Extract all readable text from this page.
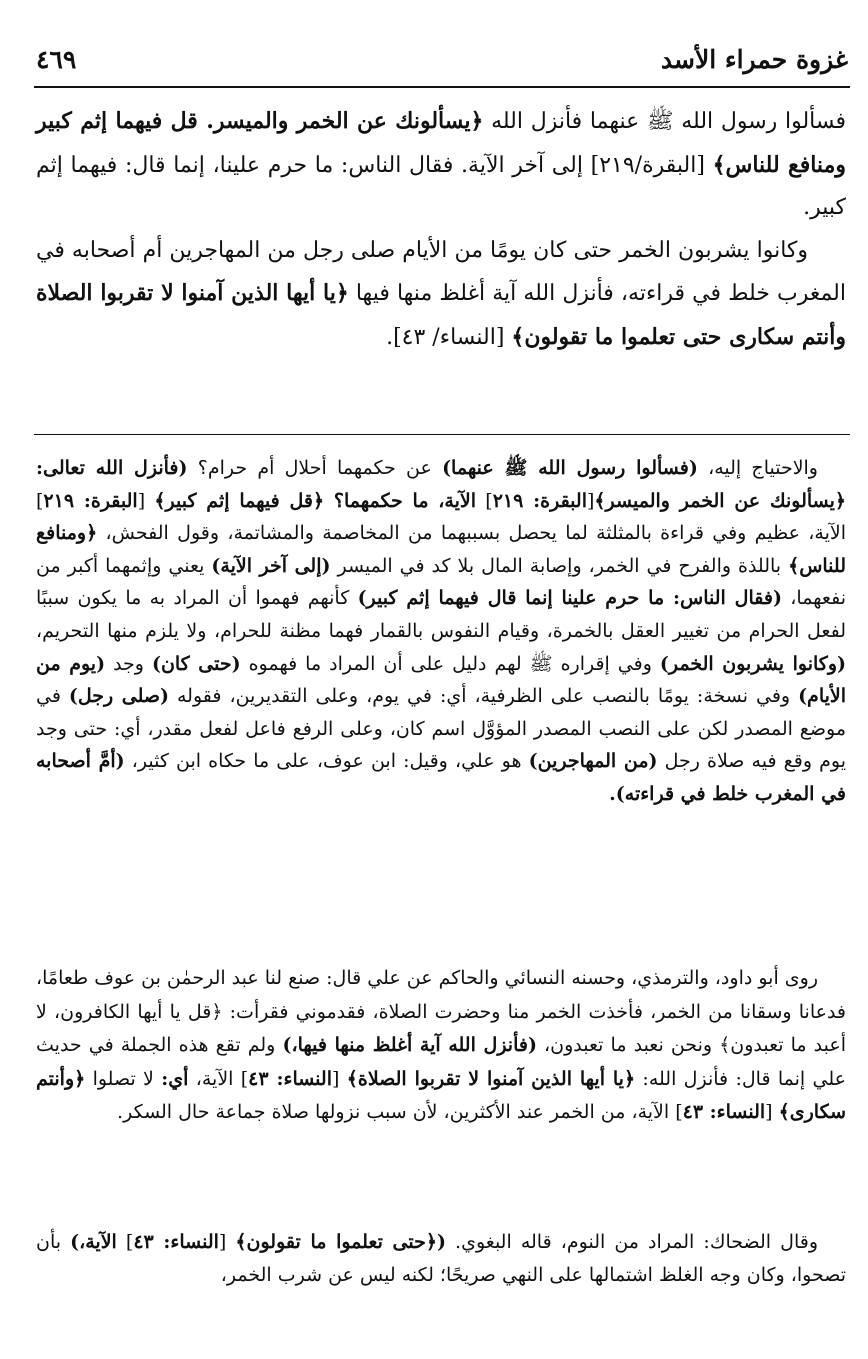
غزوة حمراء الأسد
٤٦٩

فسألوا رسول الله ﷺ عنهما فأنزل الله ﴿يسألونك عن الخمر والميسر. قل فيهما إثم كبير ومنافع للناس﴾ [البقرة/٢١٩] إلى آخر الآية. فقال الناس: ما حرم علينا، إنما قال: فيهما إثم كبير.

وكانوا يشربون الخمر حتى كان يومًا من الأيام صلى رجل من المهاجرين أم أصحابه في المغرب خلط في قراءته، فأنزل الله آية أغلظ منها فيها ﴿يا أيها الذين آمنوا لا تقربوا الصلاة وأنتم سكارى حتى تعلموا ما تقولون﴾ [النساء/ ٤٣].

والاحتياج إليه، (فسألوا رسول الله ﷺ عنهما) عن حكمهما أحلال أم حرام؟ (فأنزل الله تعالى: ﴿يسألونك عن الخمر والميسر﴾[البقرة: ٢١٩] الآية، ما حكمهما؟ ﴿قل فيهما إثم كبير﴾ [البقرة: ٢١٩] الآية، عظيم وفي قراءة بالمثلثة لما يحصل بسببهما من المخاصمة والمشاتمة، وقول الفحش، ﴿ومنافع للناس﴾ باللذة والفرح في الخمر، وإصابة المال بلا كد في الميسر (إلى آخر الآية) يعني وإثمهما أكبر من نفعهما، (فقال الناس: ما حرم علينا إنما قال فيهما إثم كبير) كأنهم فهموا أن المراد به ما يكون سببًا لفعل الحرام من تغيير العقل بالخمرة، وقيام النفوس بالقمار فهما مظنة للحرام، ولا يلزم منها التحريم، (وكانوا يشربون الخمر) وفي إقراره ﷺ لهم دليل على أن المراد ما فهموه (حتى كان) وجد (يوم من الأيام) وفي نسخة: يومًا بالنصب على الظرفية، أي: في يوم، وعلى التقديرين، فقوله (صلى رجل) في موضع المصدر لكن على النصب المصدر المؤوَّل اسم كان، وعلى الرفع فاعل لفعل مقدر، أي: حتى وجد يوم وقع فيه صلاة رجل (من المهاجرين) هو علي، وقيل: ابن عوف، على ما حكاه ابن كثير، (أمَّ أصحابه في المغرب خلط في قراءته).

روى أبو داود، والترمذي، وحسنه النسائي والحاكم عن علي قال: صنع لنا عبد الرحمٰن بن عوف طعامًا، فدعانا وسقانا من الخمر، فأخذت الخمر منا وحضرت الصلاة، فقدموني فقرأت: ﴿قل يا أيها الكافرون، لا أعبد ما تعبدون﴾ ونحن نعبد ما تعبدون، (فأنزل الله آية أغلظ منها فيها،) ولم تقع هذه الجملة في حديث علي إنما قال: فأنزل الله: ﴿يا أيها الذين آمنوا لا تقربوا الصلاة﴾ [النساء: ٤٣] الآية، أي: لا تصلوا ﴿وأنتم سكارى﴾ [النساء: ٤٣] الآية، من الخمر عند الأكثرين، لأن سبب نزولها صلاة جماعة حال السكر.

وقال الضحاك: المراد من النوم، قاله البغوي. (﴿حتى تعلموا ما تقولون﴾ [النساء: ٤٣] الآية،) بأن تصحوا، وكان وجه الغلظ اشتمالها على النهي صريحًا؛ لكنه ليس عن شرب الخمر،
